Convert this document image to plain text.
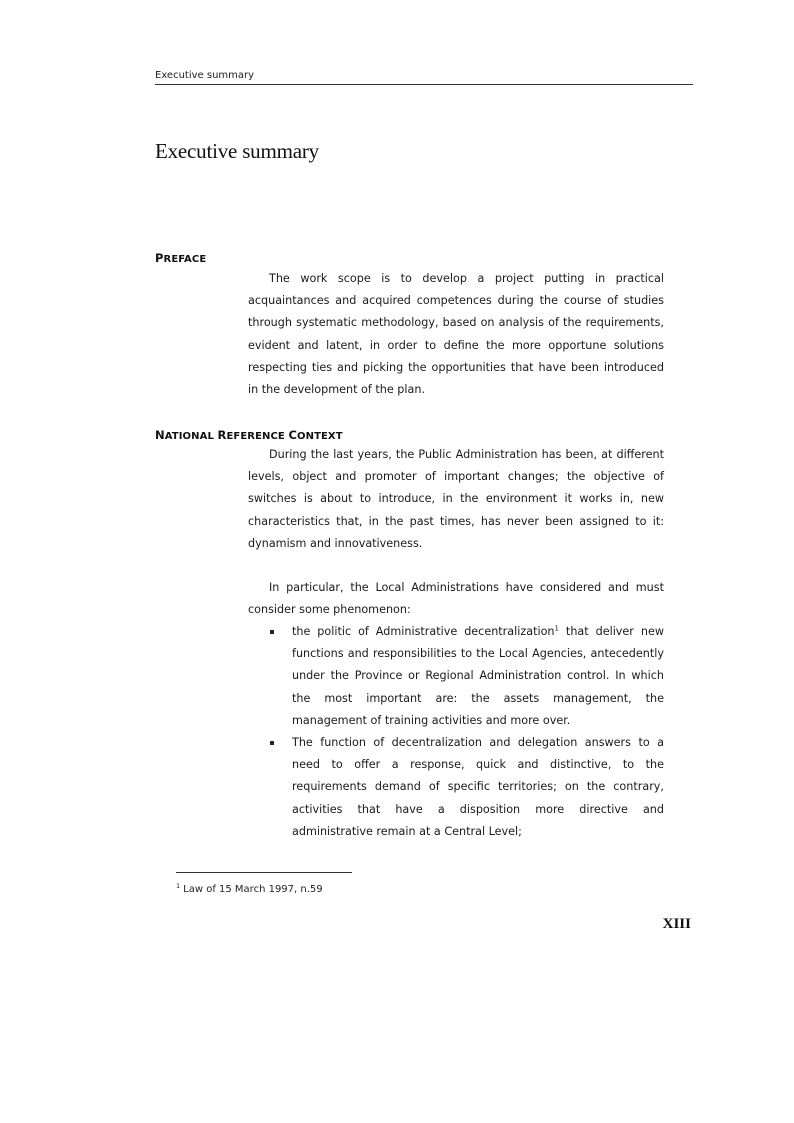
Executive summary
Executive summary
PREFACE

The work scope is to develop a project putting in practical acquaintances and acquired competences during the course of studies through systematic methodology, based on analysis of the requirements, evident and latent, in order to define the more opportune solutions respecting ties and picking the opportunities that have been introduced in the development of the plan.

NATIONAL REFERENCE CONTEXT

During the last years, the Public Administration has been, at different levels, object and promoter of important changes; the objective of switches is about to introduce, in the environment it works in, new characteristics that, in the past times, has never been assigned to it: dynamism and innovativeness.

In particular, the Local Administrations have considered and must consider some phenomenon:

the politic of Administrative decentralization$^1$ that deliver new functions and responsibilities to the Local Agencies, antecedently under the Province or Regional Administration control. In which the most important are: the assets management, the management of training activities and more over.
The function of decentralization and delegation answers to a need to offer a response, quick and distinctive, to the requirements demand of specific territories; on the contrary, activities that have a disposition more directive and administrative remain at a Central Level;
$^1$ Law of 15 March 1997, n.59
XIII
